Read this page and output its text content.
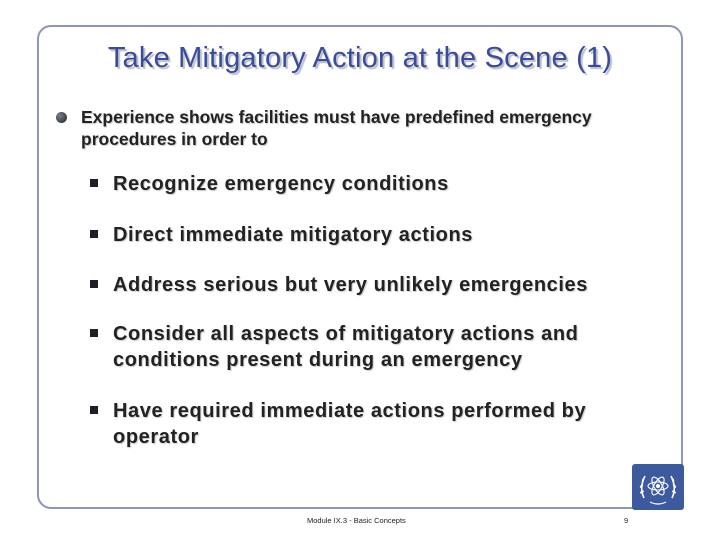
Take Mitigatory Action at the Scene (1)
Experience shows facilities must have predefined emergency procedures in order to
Recognize emergency conditions
Direct immediate mitigatory actions
Address serious but very unlikely emergencies
Consider all aspects of mitigatory actions and conditions present during an emergency
Have required immediate actions performed by operator
Module IX.3 - Basic Concepts	9
